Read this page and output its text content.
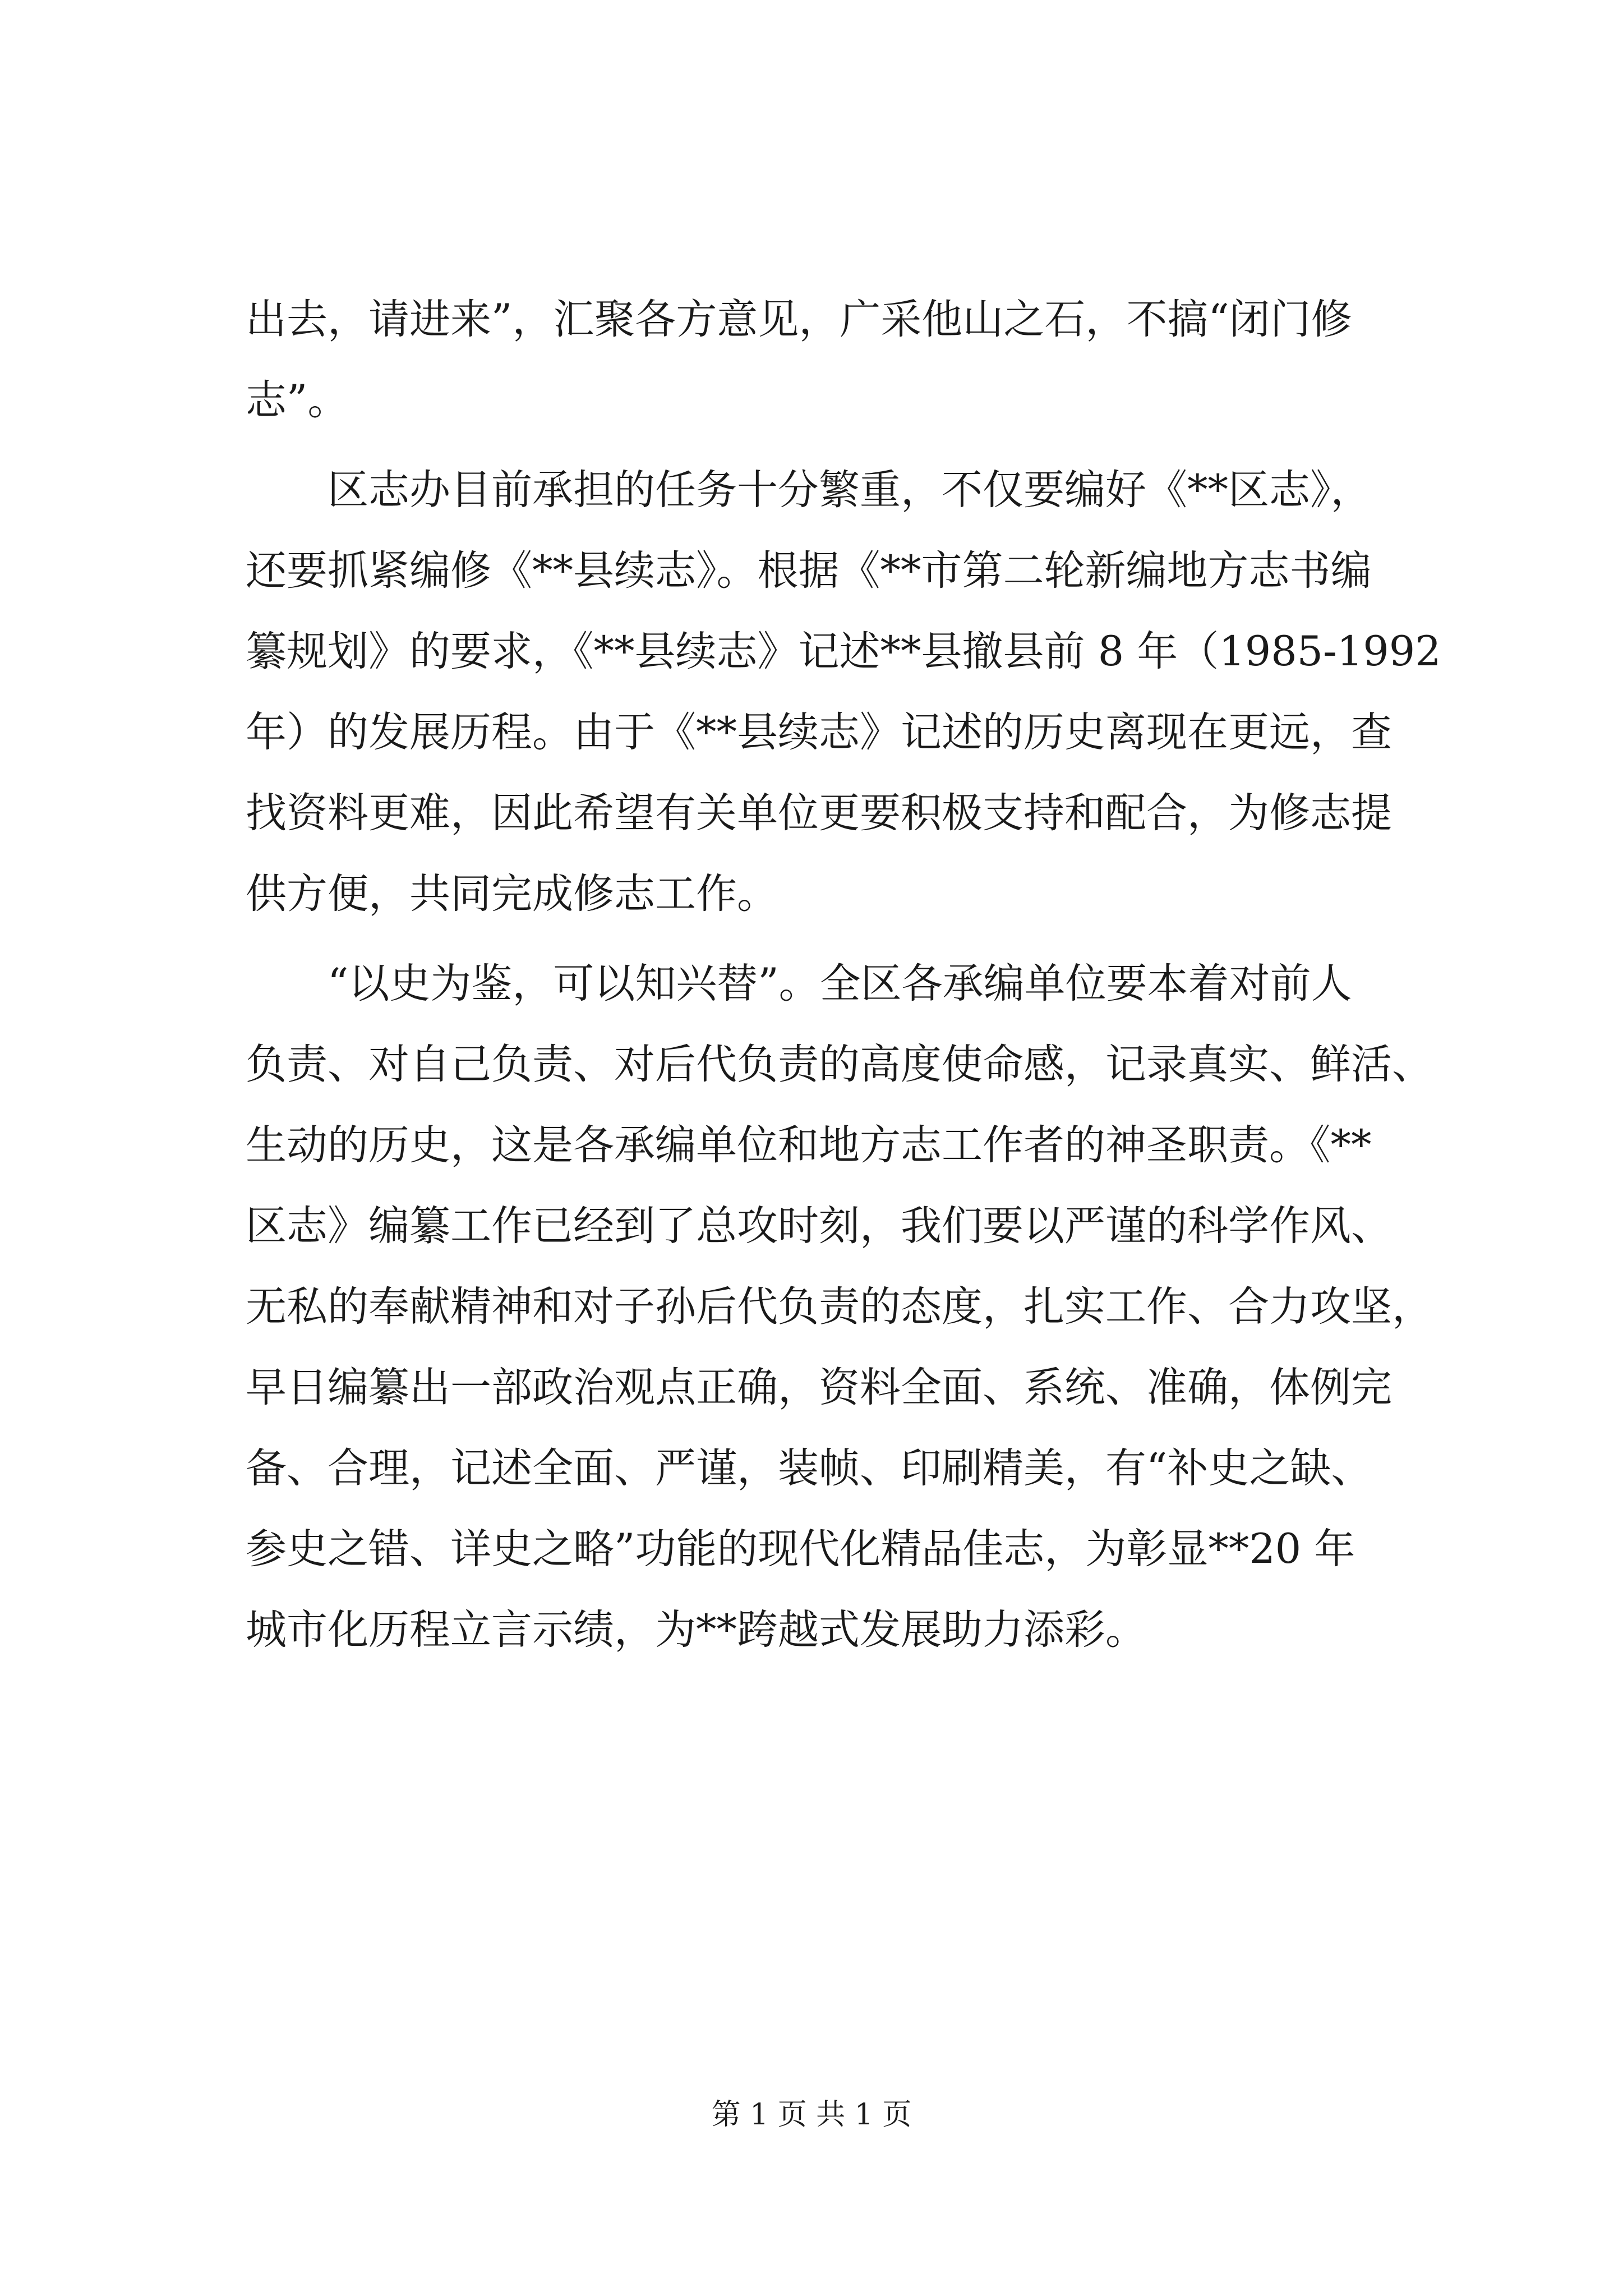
出去，请进来”，汇聚各方意见，广采他山之石，不搞“闭门修
志”。
　　区志办目前承担的任务十分繁重，不仅要编好《**区志》，
还要抓紧编修《**县续志》。根据《**市第二轮新编地方志书编
纂规划》的要求，《**县续志》记述**县撤县前 8 年（1985-1992
年）的发展历程。由于《**县续志》记述的历史离现在更远，查
找资料更难，因此希望有关单位更要积极支持和配合，为修志提
供方便，共同完成修志工作。
　　“以史为鉴，可以知兴替”。全区各承编单位要本着对前人
负责、对自己负责、对后代负责的高度使命感，记录真实、鲜活、
生动的历史，这是各承编单位和地方志工作者的神圣职责。《**
区志》编纂工作已经到了总攻时刻，我们要以严谨的科学作风、
无私的奉献精神和对子孙后代负责的态度，扎实工作、合力攻坚，
早日编纂出一部政治观点正确，资料全面、系统、准确，体例完
备、合理，记述全面、严谨，装帧、印刷精美，有“补史之缺、
参史之错、详史之略”功能的现代化精品佳志，为彰显**20 年
城市化历程立言示绩，为**跨越式发展助力添彩。
第 1 页 共 1 页
